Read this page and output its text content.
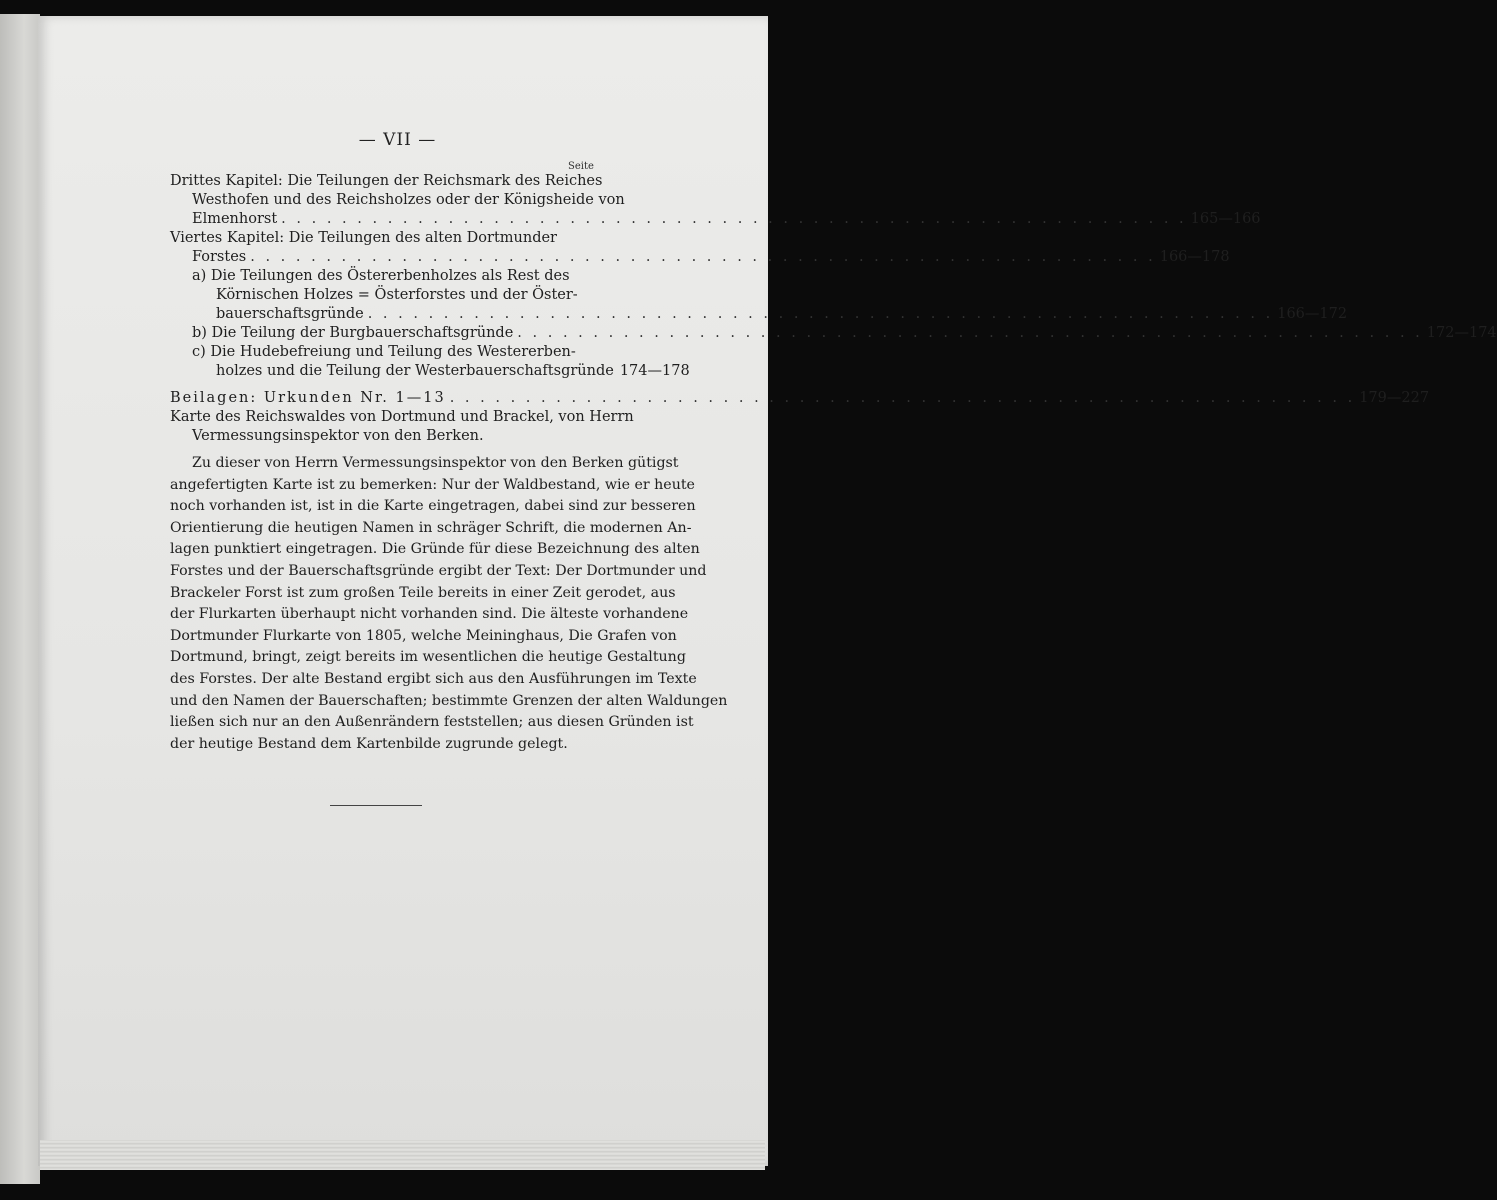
— VII —
Seite
Drittes Kapitel: Die Teilungen der Reichsmark des Reiches
Westhofen und des Reichsholzes oder der Königsheide von
Elmenhorst . . .	165—166
Viertes Kapitel: Die Teilungen des alten Dortmunder
Forstes . . .	166—178
a) Die Teilungen des Östererbenholzes als Rest des
Körnischen Holzes = Österforstes und der Öster-
bauerschaftsgründe . . .	166—172
b) Die Teilung der Burgbauerschaftsgründe . . .	172—174
c) Die Hudebefreiung und Teilung des Westererben-
holzes und die Teilung der Westerbauerschaftsgründe 174—178
Beilagen: Urkunden Nr. 1—13 . . .	179—227
Karte des Reichswaldes von Dortmund und Brackel, von Herrn
Vermessungsinspektor von den Berken.
Zu dieser von Herrn Vermessungsinspektor von den Berken gütigst
angefertigten Karte ist zu bemerken: Nur der Waldbestand, wie er heute
noch vorhanden ist, ist in die Karte eingetragen, dabei sind zur besseren
Orientierung die heutigen Namen in schräger Schrift, die modernen An-
lagen punktiert eingetragen. Die Gründe für diese Bezeichnung des alten
Forstes und der Bauerschaftsgründe ergibt der Text: Der Dortmunder und
Brackeler Forst ist zum großen Teile bereits in einer Zeit gerodet, aus
der Flurkarten überhaupt nicht vorhanden sind. Die älteste vorhandene
Dortmunder Flurkarte von 1805, welche Meininghaus, Die Grafen von
Dortmund, bringt, zeigt bereits im wesentlichen die heutige Gestaltung
des Forstes. Der alte Bestand ergibt sich aus den Ausführungen im Texte
und den Namen der Bauerschaften; bestimmte Grenzen der alten Waldungen
ließen sich nur an den Außenrändern feststellen; aus diesen Gründen ist
der heutige Bestand dem Kartenbilde zugrunde gelegt.
